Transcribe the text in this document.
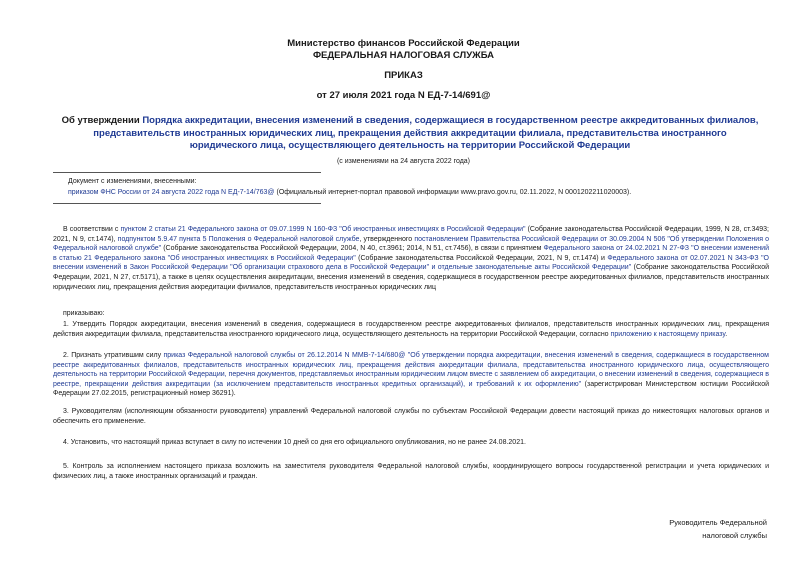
Министерство финансов Российской Федерации
ФЕДЕРАЛЬНАЯ НАЛОГОВАЯ СЛУЖБА
ПРИКАЗ
от 27 июля 2021 года N ЕД-7-14/691@
Об утверждении Порядка аккредитации, внесения изменений в сведения, содержащиеся в государственном реестре аккредитованных филиалов, представительств иностранных юридических лиц, прекращения действия аккредитации филиала, представительства иностранного юридического лица, осуществляющего деятельность на территории Российской Федерации
(с изменениями на 24 августа 2022 года)
Документ с изменениями, внесенными:
приказом ФНС России от 24 августа 2022 года N ЕД-7-14/763@ (Официальный интернет-портал правовой информации www.pravo.gov.ru, 02.11.2022, N 0001202211020003).
В соответствии с пунктом 2 статьи 21 Федерального закона от 09.07.1999 N 160-ФЗ "Об иностранных инвестициях в Российской Федерации" (Собрание законодательства Российской Федерации, 1999, N 28, ст.3493; 2021, N 9, ст.1474), подпунктом 5.9.47 пункта 5 Положения о Федеральной налоговой службе, утвержденного постановлением Правительства Российской Федерации от 30.09.2004 N 506 "Об утверждении Положения о Федеральной налоговой службе" (Собрание законодательства Российской Федерации, 2004, N 40, ст.3961; 2014, N 51, ст.7456), в связи с принятием Федерального закона от 24.02.2021 N 27-ФЗ "О внесении изменений в статью 21 Федерального закона "Об иностранных инвестициях в Российской Федерации" (Собрание законодательства Российской Федерации, 2021, N 9, ст.1474) и Федерального закона от 02.07.2021 N 343-ФЗ "О внесении изменений в Закон Российской Федерации "Об организации страхового дела в Российской Федерации" и отдельные законодательные акты Российской Федерации" (Собрание законодательства Российской Федерации, 2021, N 27, ст.5171), а также в целях осуществления аккредитации, внесения изменений в сведения, содержащиеся в государственном реестре аккредитованных филиалов, представительств иностранных юридических лиц, прекращения действия аккредитации филиалов, представительств иностранных юридических лиц
приказываю:
1. Утвердить Порядок аккредитации, внесения изменений в сведения, содержащиеся в государственном реестре аккредитованных филиалов, представительств иностранных юридических лиц, прекращения действия аккредитации филиала, представительства иностранного юридического лица, осуществляющего деятельность на территории Российской Федерации, согласно приложению к настоящему приказу.
2. Признать утратившим силу приказ Федеральной налоговой службы от 26.12.2014 N ММВ-7-14/680@ "Об утверждении порядка аккредитации, внесения изменений в сведения, содержащиеся в государственном реестре аккредитованных филиалов, представительств иностранных юридических лиц, прекращения действия аккредитации филиала, представительства иностранного юридического лица, осуществляющего деятельность на территории Российской Федерации, перечня документов, представляемых иностранным юридическим лицом вместе с заявлением об аккредитации, о внесении изменений в сведения, содержащиеся в реестре, прекращении действия аккредитации (за исключением представительств иностранных кредитных организаций), и требований к их оформлению" (зарегистрирован Министерством юстиции Российской Федерации 27.02.2015, регистрационный номер 36291).
3. Руководителям (исполняющим обязанности руководителя) управлений Федеральной налоговой службы по субъектам Российской Федерации довести настоящий приказ до нижестоящих налоговых органов и обеспечить его применение.
4. Установить, что настоящий приказ вступает в силу по истечении 10 дней со дня его официального опубликования, но не ранее 24.08.2021.
5. Контроль за исполнением настоящего приказа возложить на заместителя руководителя Федеральной налоговой службы, координирующего вопросы государственной регистрации и учета юридических и физических лиц, а также иностранных организаций и граждан.
Руководитель Федеральной
налоговой службы
